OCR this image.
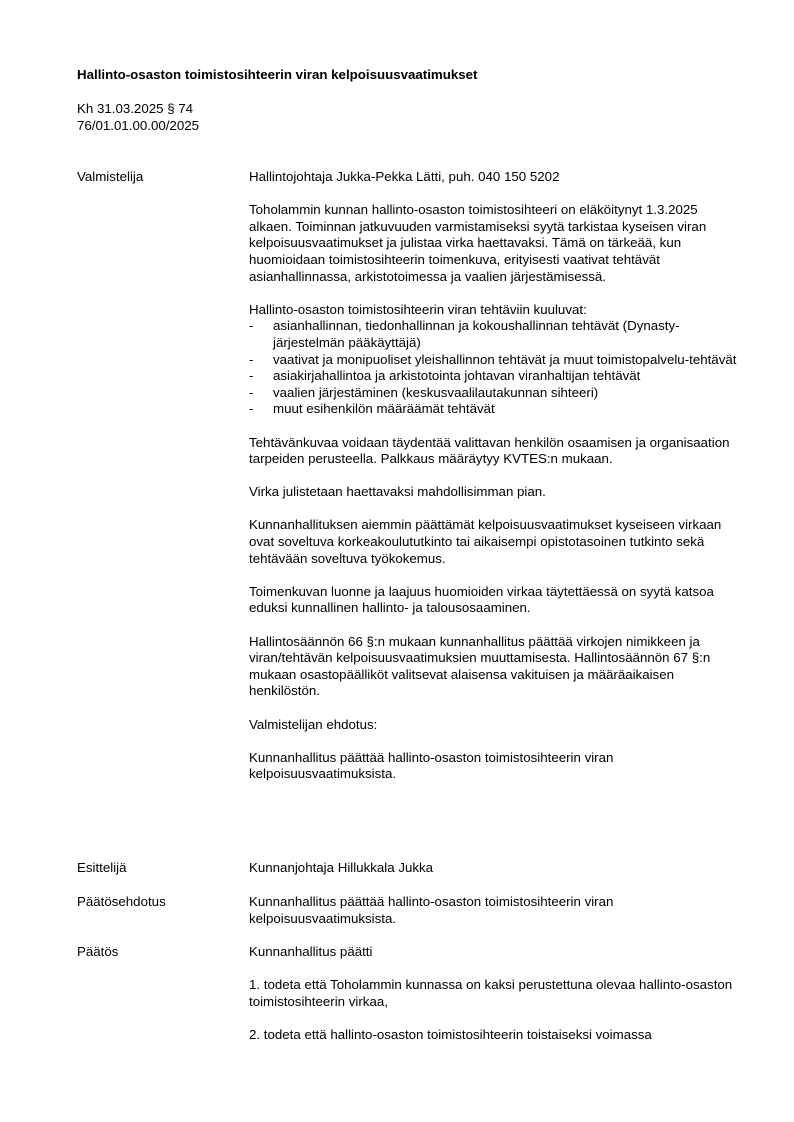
Hallinto-osaston toimistosihteerin viran kelpoisuusvaatimukset
Kh 31.03.2025 § 74
76/01.01.00.00/2025
Valmistelija	Hallintojohtaja Jukka-Pekka Lätti, puh. 040 150 5202

Toholammin kunnan hallinto-osaston toimistosihteeri on eläköitynyt 1.3.2025 alkaen. Toiminnan jatkuvuuden varmistamiseksi syytä tarkistaa kyseisen viran kelpoisuusvaatimukset ja julistaa virka haettavaksi. Tämä on tärkeää, kun huomioidaan toimistosihteerin toimenkuva, erityisesti vaativat tehtävät asianhallinnassa, arkistotoimessa ja vaalien järjestämisessä.

Hallinto-osaston toimistosihteerin viran tehtäviin kuuluvat:
- asianhallinnan, tiedonhallinnan ja kokoushallinnan tehtävät (Dynasty-järjestelmän pääkäyttäjä)
- vaativat ja monipuoliset yleishallinnon tehtävät ja muut toimistopalvelu-tehtävät
- asiakirjahallintoa ja arkistotointa johtavan viranhaltijan tehtävät
- vaalien järjestäminen (keskusvaalilautakunnan sihteeri)
- muut esihenkilön määräämät tehtävät

Tehtävänkuvaa voidaan täydentää valittavan henkilön osaamisen ja organisaation tarpeiden perusteella. Palkkaus määräytyy KVTES:n mukaan.

Virka julistetaan haettavaksi mahdollisimman pian.

Kunnanhallituksen aiemmin päättämät kelpoisuusvaatimukset kyseiseen virkaan ovat soveltuva korkeakoulututkinto tai aikaisempi opistotasoinen tutkinto sekä tehtävään soveltuva työkokemus.

Toimenkuvan luonne ja laajuus huomioiden virkaa täytettäessä on syytä katsoa eduksi kunnallinen hallinto- ja talousosaaminen.

Hallintosäännön 66 §:n mukaan kunnanhallitus päättää virkojen nimikkeen ja viran/tehtävän kelpoisuusvaatimuksien muuttamisesta. Hallintosäännön 67 §:n mukaan osastopäälliköt valitsevat alaisensa vakituisen ja määräaikaisen henkilöstön.

Valmistelijan ehdotus:

Kunnanhallitus päättää hallinto-osaston toimistosihteerin viran kelpoisuusvaatimuksista.

Esittelijä	Kunnanjohtaja Hillukkala Jukka

Päätösehdotus	Kunnanhallitus päättää hallinto-osaston toimistosihteerin viran kelpoisuusvaatimuksista.

Päätös	Kunnanhallitus päätti

1. todeta että Toholammin kunnassa on kaksi perustettuna olevaa hallinto-osaston toimistosihteerin virkaa,

2. todeta että hallinto-osaston toimistosihteerin toistaiseksi voimassa
